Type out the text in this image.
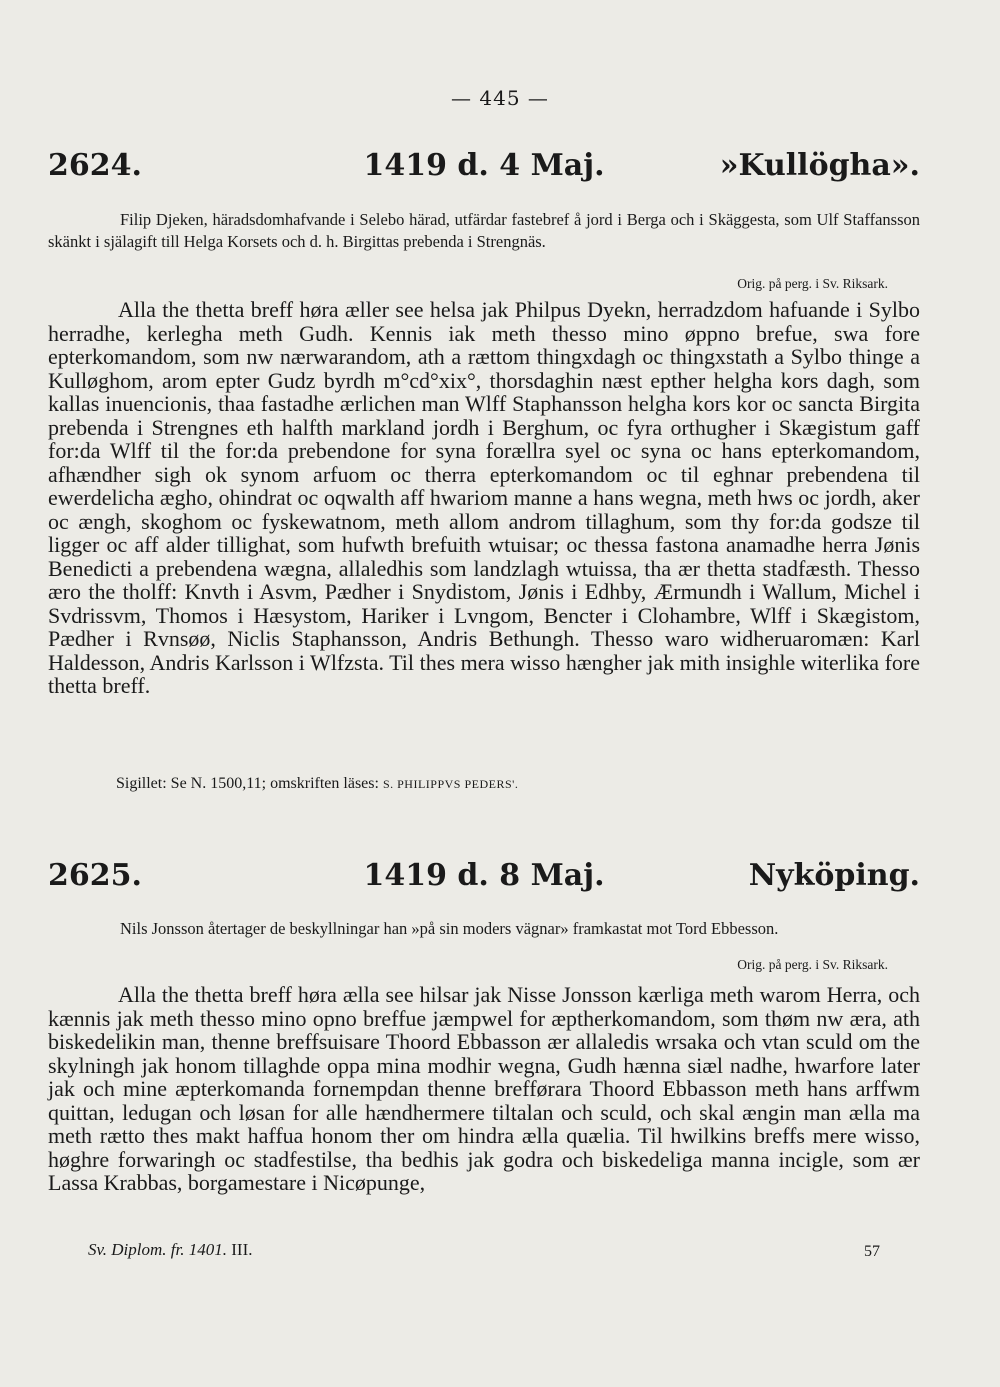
— 445 —
2624.	1419 d. 4 Maj.	»Kullögha».
Filip Djeken, häradsdomhafvande i Selebo härad, utfärdar fastebref å jord i Berga och i Skäggesta, som Ulf Staffansson skänkt i själagift till Helga Korsets och d. h. Birgittas prebenda i Strengnäs.
Orig. på perg. i Sv. Riksark.
Alla the thetta breff høra æller see helsa jak Philpus Dyekn, herradzdom hafuande i Sylbo herradhe, kerlegha meth Gudh. Kennis iak meth thesso mino øppno brefue, swa fore epterkomandom, som nw nærwarandom, ath a rættom thingxdagh oc thingxstath a Sylbo thinge a Kulløghom, arom epter Gudz byrdh m°cd°xix°, thorsdaghin næst epther helgha kors dagh, som kallas inuencionis, thaa fastadhe ærlichen man Wlff Staphansson helgha kors kor oc sancta Birgita prebenda i Strengnes eth halfth markland jordh i Berghum, oc fyra orthugher i Skægistum gaff for:da Wlff til the for:da prebendone for syna forællra syel oc syna oc hans epterkomandom, afhændher sigh ok synom arfuom oc therra epterkomandom oc til eghnar prebendena til ewerdelicha ægho, ohindrat oc oqwalth aff hwariom manne a hans wegna, meth hws oc jordh, aker oc ængh, skoghom oc fyskewatnom, meth allom androm tillaghum, som thy for:da godsze til ligger oc aff alder tillighat, som hufwth brefuith wtuisar; oc thessa fastona anamadhe herra Jønis Benedicti a prebendena wægna, allaledhis som landzlagh wtuissa, tha ær thetta stadfæsth. Thesso æro the tholff: Knvth i Asvm, Pædher i Snydistom, Jønis i Edhby, Ærmundh i Wallum, Michel i Svdrissvm, Thomos i Hæsystom, Hariker i Lvngom, Bencter i Clohambre, Wlff i Skægistom, Pædher i Rvnsøø, Niclis Staphansson, Andris Bethungh. Thesso waro widheruaromæn: Karl Haldesson, Andris Karlsson i Wlfzsta. Til thes mera wisso hængher jak mith insighle witerlika fore thetta breff.
Sigillet: Se N. 1500,11; omskriften läses: S. PHILIPPVS PEDERS'.
2625.	1419 d. 8 Maj.	Nyköping.
Nils Jonsson återtager de beskyllningar han »på sin moders vägnar» framkastat mot Tord Ebbesson.
Orig. på perg. i Sv. Riksark.
Alla the thetta breff høra ælla see hilsar jak Nisse Jonsson kærliga meth warom Herra, och kænnis jak meth thesso mino opno breffue jæmpwel for æptherkomandom, som thøm nw æra, ath biskedelikin man, thenne breffsuisare Thoord Ebbasson ær allaledis wrsaka och vtan sculd om the skylningh jak honom tillaghde oppa mina modhir wegna, Gudh hænna siæl nadhe, hwarfore later jak och mine æpterkomanda fornempdan thenne brefførara Thoord Ebbasson meth hans arffwm quittan, ledugan och løsan for alle hændhermere tiltalan och sculd, och skal ængin man ælla ma meth rætto thes makt haffua honom ther om hindra ælla quælia. Til hwilkins breffs mere wisso, høghre forwaringh oc stadfestilse, tha bedhis jak godra och biskedeliga manna incigle, som ær Lassa Krabbas, borgamestare i Nicøpunge,
Sv. Diplom. fr. 1401. III.	57
